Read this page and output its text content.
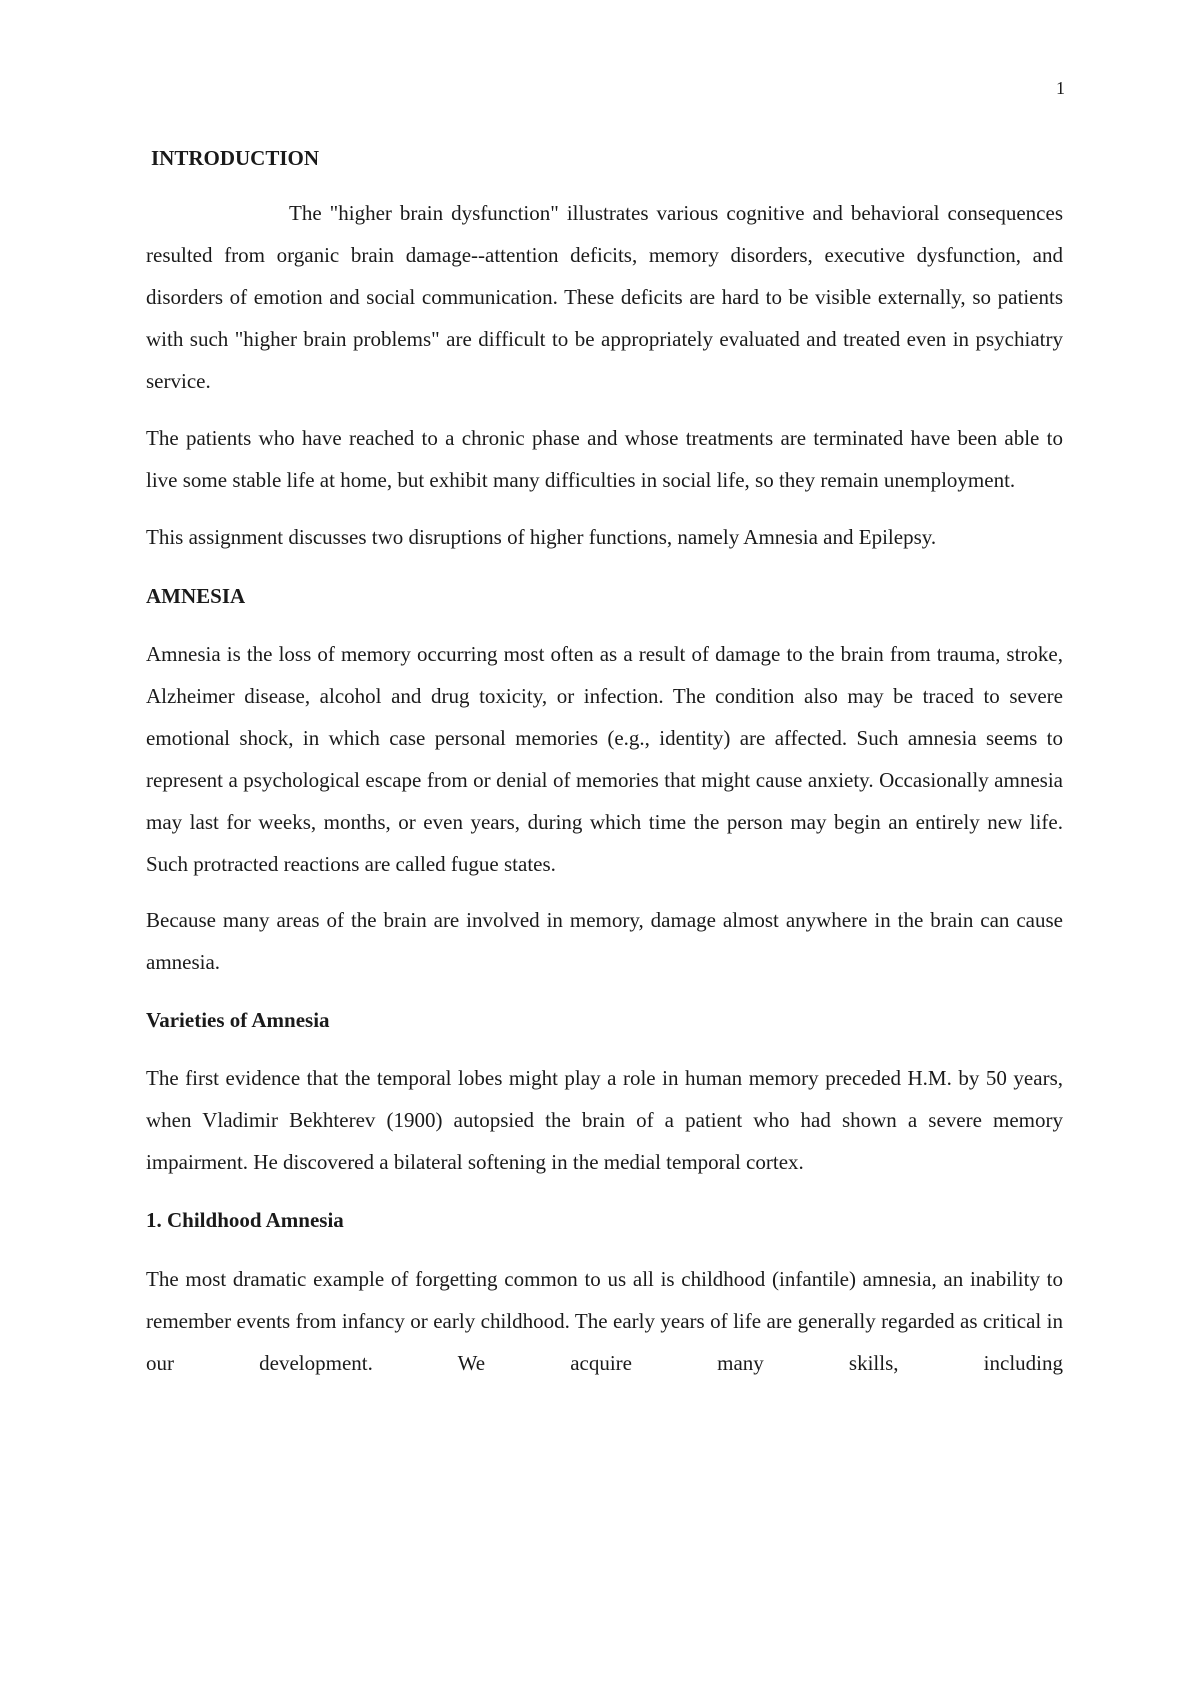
1
INTRODUCTION

The "higher brain dysfunction" illustrates various cognitive and behavioral consequences resulted from organic brain damage--attention deficits, memory disorders, executive dysfunction, and disorders of emotion and social communication. These deficits are hard to be visible externally, so patients with such "higher brain problems" are difficult to be appropriately evaluated and treated even in psychiatry service.

The patients who have reached to a chronic phase and whose treatments are terminated have been able to live some stable life at home, but exhibit many difficulties in social life, so they remain unemployment.

This assignment discusses two disruptions of higher functions, namely Amnesia and Epilepsy.

AMNESIA

Amnesia is the loss of memory occurring most often as a result of damage to the brain from trauma, stroke, Alzheimer disease, alcohol and drug toxicity, or infection. The condition also may be traced to severe emotional shock, in which case personal memories (e.g., identity) are affected. Such amnesia seems to represent a psychological escape from or denial of memories that might cause anxiety. Occasionally amnesia may last for weeks, months, or even years, during which time the person may begin an entirely new life. Such protracted reactions are called fugue states.

Because many areas of the brain are involved in memory, damage almost anywhere in the brain can cause amnesia.

Varieties of Amnesia

The first evidence that the temporal lobes might play a role in human memory preceded H.M. by 50 years, when Vladimir Bekhterev (1900) autopsied the brain of a patient who had shown a severe memory impairment. He discovered a bilateral softening in the medial temporal cortex.

1. Childhood Amnesia

The most dramatic example of forgetting common to us all is childhood (infantile) amnesia, an inability to remember events from infancy or early childhood. The early years of life are generally regarded as critical in our development. We acquire many skills, including
